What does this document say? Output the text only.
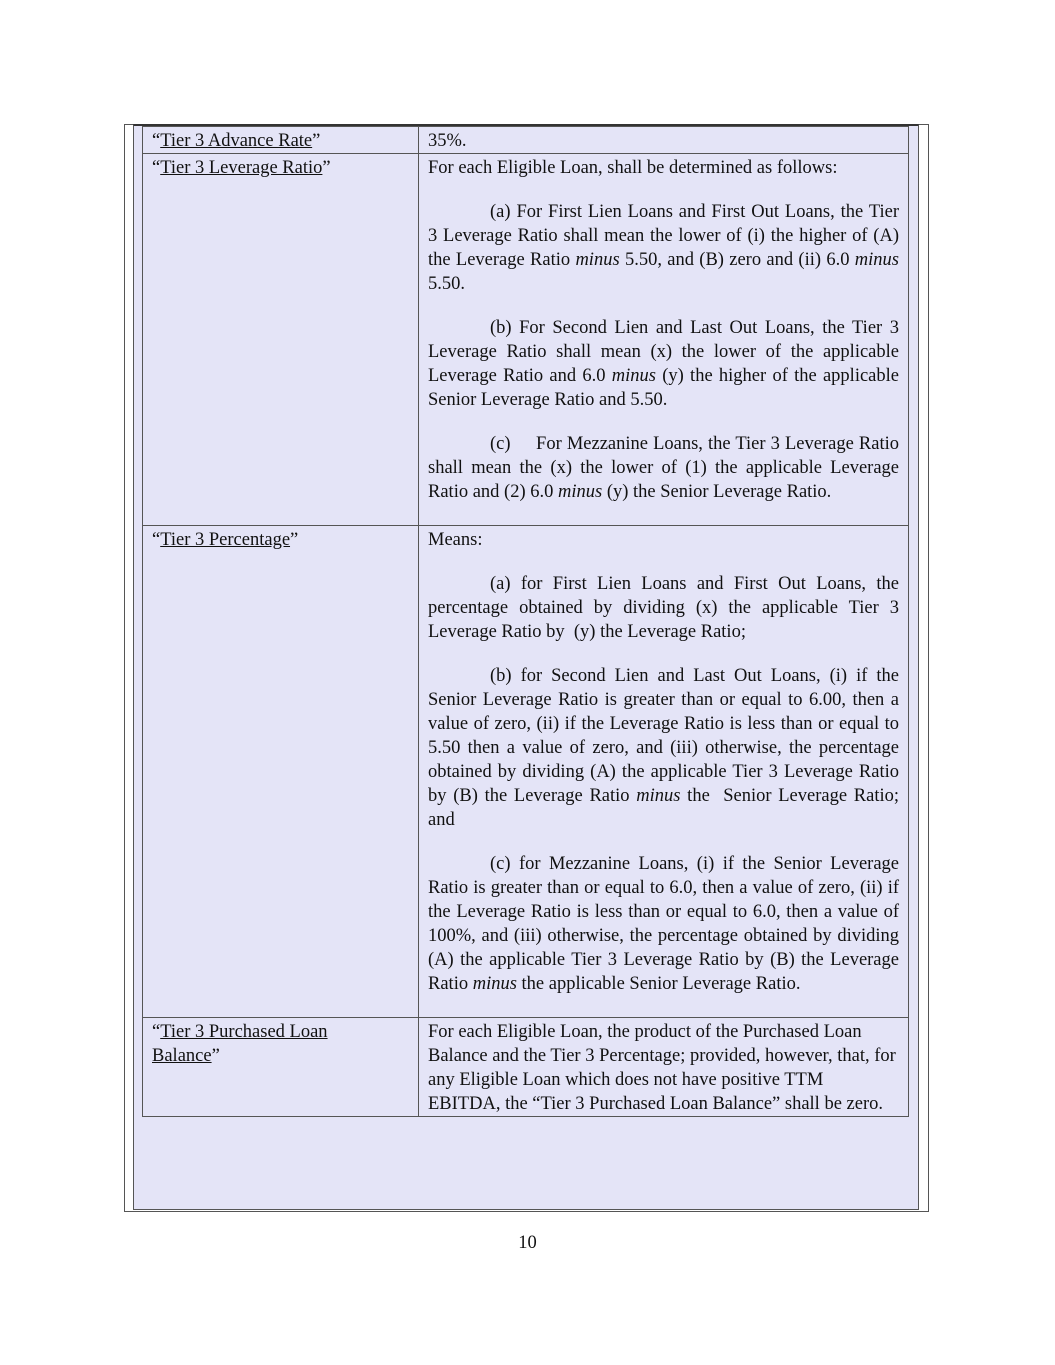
“Tier 3 Advance Rate”	35%.

“Tier 3 Leverage Ratio”	For each Eligible Loan, shall be determined as follows:

(a) For First Lien Loans and First Out Loans, the Tier 3 Leverage Ratio shall mean the lower of (i) the higher of (A) the Leverage Ratio minus 5.50, and (B) zero and (ii) 6.0 minus 5.50.

(b) For Second Lien and Last Out Loans, the Tier 3 Leverage Ratio shall mean (x) the lower of the applicable Leverage Ratio and 6.0 minus (y) the higher of the applicable Senior Leverage Ratio and 5.50.

(c)     For Mezzanine Loans, the Tier 3 Leverage Ratio shall mean the (x) the lower of (1) the applicable Leverage Ratio and (2) 6.0 minus (y) the Senior Leverage Ratio.

“Tier 3 Percentage”	Means:

(a) for First Lien Loans and First Out Loans, the percentage obtained by dividing (x) the applicable Tier 3 Leverage Ratio by  (y) the Leverage Ratio;

(b) for Second Lien and Last Out Loans, (i) if the Senior Leverage Ratio is greater than or equal to 6.00, then a value of zero, (ii) if the Leverage Ratio is less than or equal to 5.50 then a value of zero, and (iii) otherwise, the percentage obtained by dividing (A) the applicable Tier 3 Leverage Ratio by (B) the Leverage Ratio minus the  Senior Leverage Ratio; and

(c) for Mezzanine Loans, (i) if the Senior Leverage Ratio is greater than or equal to 6.0, then a value of zero, (ii) if the Leverage Ratio is less than or equal to 6.0, then a value of 100%, and (iii) otherwise, the percentage obtained by dividing (A) the applicable Tier 3 Leverage Ratio by (B) the Leverage Ratio minus the applicable Senior Leverage Ratio.

“Tier 3 Purchased Loan
Balance”	For each Eligible Loan, the product of the Purchased Loan Balance and the Tier 3 Percentage; provided, however, that, for any Eligible Loan which does not have positive TTM EBITDA, the “Tier 3 Purchased Loan Balance” shall be zero.

10
